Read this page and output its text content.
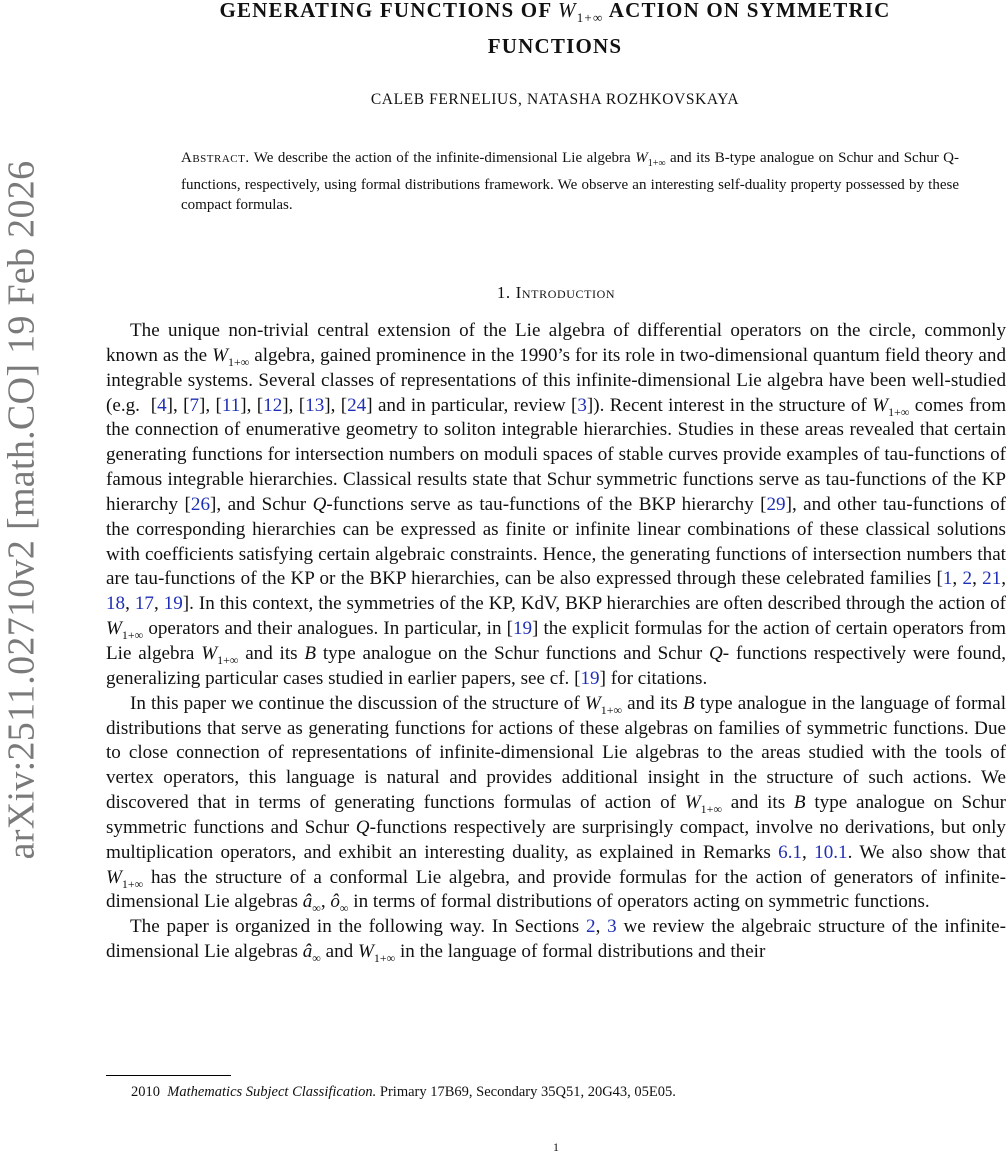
arXiv:2511.02710v2 [math.CO] 19 Feb 2026
GENERATING FUNCTIONS OF $W_{1+\infty}$ ACTION ON SYMMETRIC FUNCTIONS
CALEB FERNELIUS, NATASHA ROZHKOVSKAYA
Abstract. We describe the action of the infinite-dimensional Lie algebra $W_{1+\infty}$ and its B-type analogue on Schur and Schur Q-functions, respectively, using formal distributions framework. We observe an interesting self-duality property possessed by these compact formulas.
1. Introduction

The unique non-trivial central extension of the Lie algebra of differential operators on the circle, commonly known as the $W_{1+\infty}$ algebra, gained prominence in the 1990’s for its role in two-dimensional quantum field theory and integrable systems. Several classes of representations of this infinite-dimensional Lie algebra have been well-studied (e.g.  [4], [7], [11], [12], [13], [24] and in particular, review [3]). Recent interest in the structure of $W_{1+\infty}$ comes from the connection of enumerative geometry to soliton integrable hierarchies. Studies in these areas revealed that certain generating functions for intersection numbers on moduli spaces of stable curves provide examples of tau-functions of famous integrable hierarchies. Classical results state that Schur symmetric functions serve as tau-functions of the KP hierarchy [26], and Schur Q-functions serve as tau-functions of the BKP hierarchy [29], and other tau-functions of the corresponding hierarchies can be expressed as finite or infinite linear combinations of these classical solutions with coefficients satisfying certain algebraic constraints. Hence, the generating functions of intersection numbers that are tau-functions of the KP or the BKP hierarchies, can be also expressed through these celebrated families [1, 2, 21, 18, 17, 19]. In this context, the symmetries of the KP, KdV, BKP hierarchies are often described through the action of $W_{1+\infty}$ operators and their analogues. In particular, in [19] the explicit formulas for the action of certain operators from Lie algebra $W_{1+\infty}$ and its B type analogue on the Schur functions and Schur Q- functions respectively were found, generalizing particular cases studied in earlier papers, see cf. [19] for citations.

In this paper we continue the discussion of the structure of $W_{1+\infty}$ and its B type analogue in the language of formal distributions that serve as generating functions for actions of these algebras on families of symmetric functions. Due to close connection of representations of infinite-dimensional Lie algebras to the areas studied with the tools of vertex operators, this language is natural and provides additional insight in the structure of such actions. We discovered that in terms of generating functions formulas of action of $W_{1+\infty}$ and its B type analogue on Schur symmetric functions and Schur Q-functions respectively are surprisingly compact, involve no derivations, but only multiplication operators, and exhibit an interesting duality, as explained in Remarks 6.1, 10.1. We also show that $W_{1+\infty}$ has the structure of a conformal Lie algebra, and provide formulas for the action of generators of infinite-dimensional Lie algebras $â_\infty$, $ô_\infty$ in terms of formal distributions of operators acting on symmetric functions.

The paper is organized in the following way. In Sections 2, 3 we review the algebraic structure of the infinite-dimensional Lie algebras $â_\infty$ and $W_{1+\infty}$ in the language of formal distributions and their

2010 Mathematics Subject Classification. Primary 17B69, Secondary 35Q51, 20G43, 05E05.
1
